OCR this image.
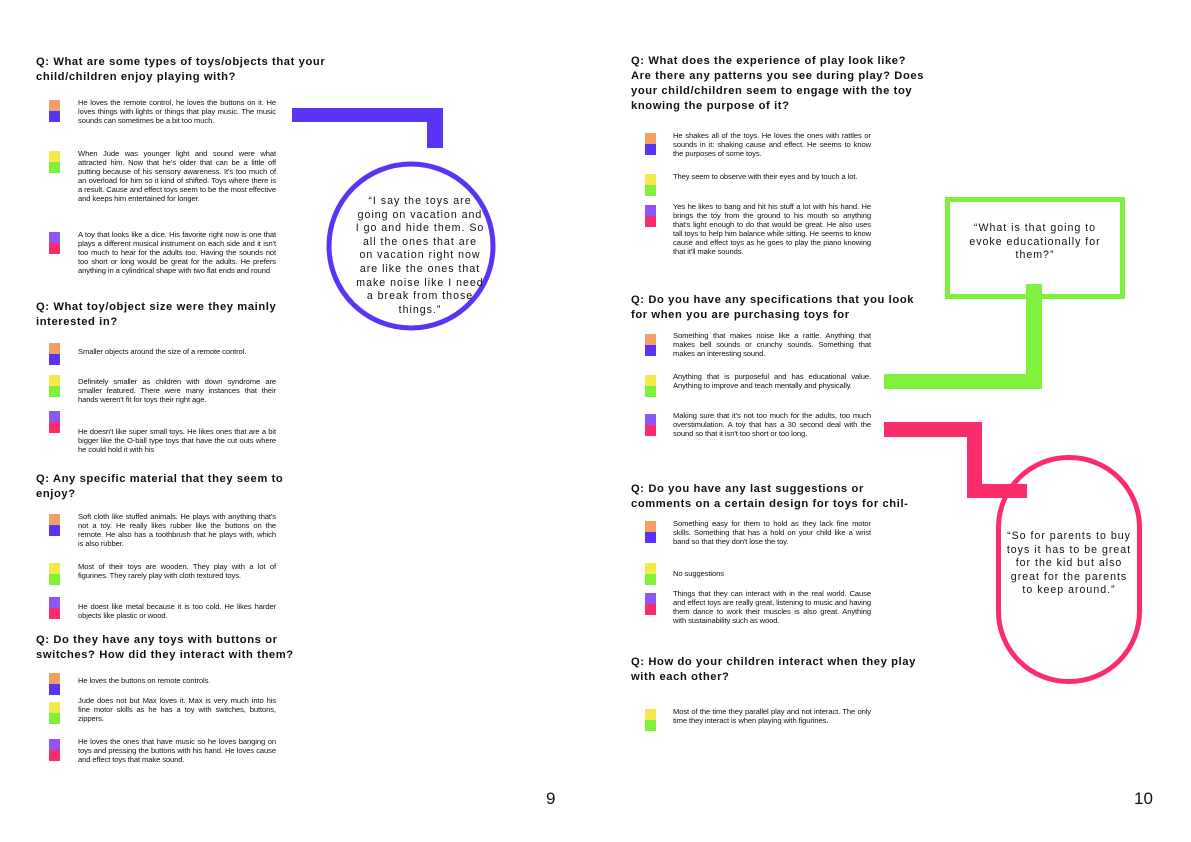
Q: What are some types of toys/objects that your child/children enjoy playing with?

Q: What toy/object size were they mainly interested in?

Q: Any specific material that they seem to enjoy?

Q: Do they have any toys with buttons or switches? How did they interact with them?

He loves the remote control, he loves the buttons on it. He loves things with lights or things that play music. The music sounds can sometimes be a bit too much.

When Jude was younger light and sound were what attracted him. Now that he's older that can be a little off putting because of his sensory awareness. It's too much of an overload for him so it kind of shifted. Toys where there is a result. Cause and effect toys seem to be the most effective and keeps him entertained for longer.

A toy that looks like a dice. His favorite right now is one that plays a different musical instrument on each side and it isn't too much to hear for the adults too. Having the sounds not too short or long would be great for the adults. He prefers anything in a cylindrical shape with two flat ends and round

Smaller objects around the size of a remote control.

Definitely smaller as children with down syndrome are smaller featured. There were many instances that their hands weren't fit for toys their right age.

He doesn't like super small toys. He likes ones that are a bit bigger like the O-ball type toys that have the cut outs where he could hold it with his

Soft cloth like stuffed animals. He plays with anything that's not a toy. He really likes rubber like the buttons on the remote. He also has a toothbrush that he plays with, which is also rubber.

Most of their toys are wooden. They play with a lot of figurines. They rarely play with cloth textured toys.

He doest like metal because it is too cold. He likes harder objects like plastic or wood.

He loves the buttons on remote controls.

Jude does not but Max loves it. Max is very much into his fine motor skills as he has a toy with switches, buttons, zippers.

He loves the ones that have music so he loves banging on toys and pressing the buttons with his hand. He loves cause and effect toys that make sound.

“I say the toys are going on vacation and I go and hide them. So all the ones that are on vacation right now are like the ones that make noise like I need a break from those things.”

9

Q: What does the experience of play look like? Are there any patterns you see during play? Does your child/children seem to engage with the toy knowing the purpose of it?

Q: Do you have any specifications that you look for when you are purchasing toys for

Q: Do you have any last suggestions or comments on a certain design for toys for chil-

Q: How do your children interact when they play with each other?

He shakes all of the toys. He loves the ones with rattles or sounds in it: shaking cause and effect. He seems to know the purposes of some toys.

They seem to observe with their eyes and by touch a lot.

Yes he likes to bang and hit his stuff a lot with his hand. He brings the toy from the ground to his mouth so anything that's light enough to do that would be great. He also uses tall toys to help him balance while sitting. He seems to know cause and effect toys as he goes to play the piano knowing that it'll make sounds.

Something that makes noise like a rattle. Anything that makes bell sounds or crunchy sounds. Something that makes an interesting sound.

Anything that is purposeful and has educational value. Anything to improve and teach mentally and physically.

Making sure that it's not too much for the adults, too much overstimulation. A toy that has a 30 second deal with the sound so that it isn't too short or too long.

Something easy for them to hold as they lack fine motor skills. Something that has a hold on your child like a wrist band so that they don't lose the toy.

No suggestions

Things that they can interact with in the real world. Cause and effect toys are really great, listening to music and having them dance to work their muscles is also great. Anything with sustainability such as wood.

Most of the time they parallel play and not interact. The only time they interact is when playing with figurines.

“What is that going to evoke educationally for them?”

“So for parents to buy toys it has to be great for the kid but also great for the parents to keep around.”

10
